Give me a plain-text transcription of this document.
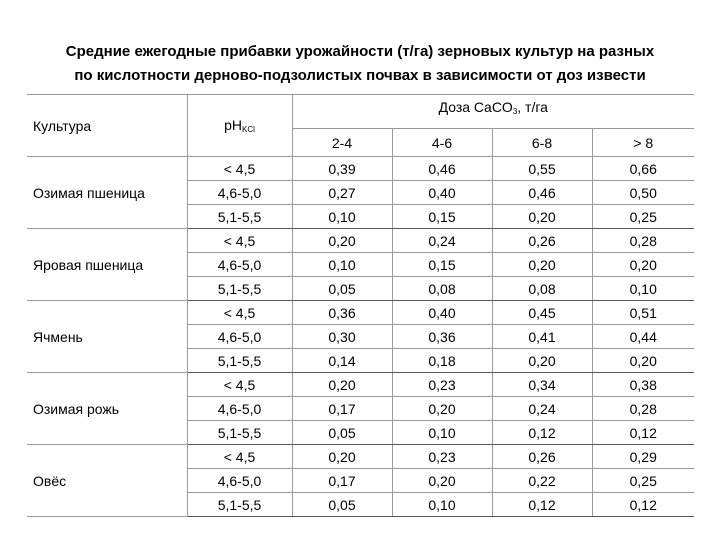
Средние ежегодные прибавки урожайности (т/га) зерновых культур на разных
по кислотности дерново-подзолистых почвах в зависимости от доз извести
Культура	$pH_{KCl}$	Доза CaCO$_3$, т/га			
		2-4	4-6	6-8	> 8
Озимая пшеница	< 4,5	0,39	0,46	0,55	0,66
	4,6-5,0	0,27	0,40	0,46	0,50
	5,1-5,5	0,10	0,15	0,20	0,25
Яровая пшеница	< 4,5	0,20	0,24	0,26	0,28
	4,6-5,0	0,10	0,15	0,20	0,20
	5,1-5,5	0,05	0,08	0,08	0,10
Ячмень	< 4,5	0,36	0,40	0,45	0,51
	4,6-5,0	0,30	0,36	0,41	0,44
	5,1-5,5	0,14	0,18	0,20	0,20
Озимая рожь	< 4,5	0,20	0,23	0,34	0,38
	4,6-5,0	0,17	0,20	0,24	0,28
	5,1-5,5	0,05	0,10	0,12	0,12
Овёс	< 4,5	0,20	0,23	0,26	0,29
	4,6-5,0	0,17	0,20	0,22	0,25
	5,1-5,5	0,05	0,10	0,12	0,12
